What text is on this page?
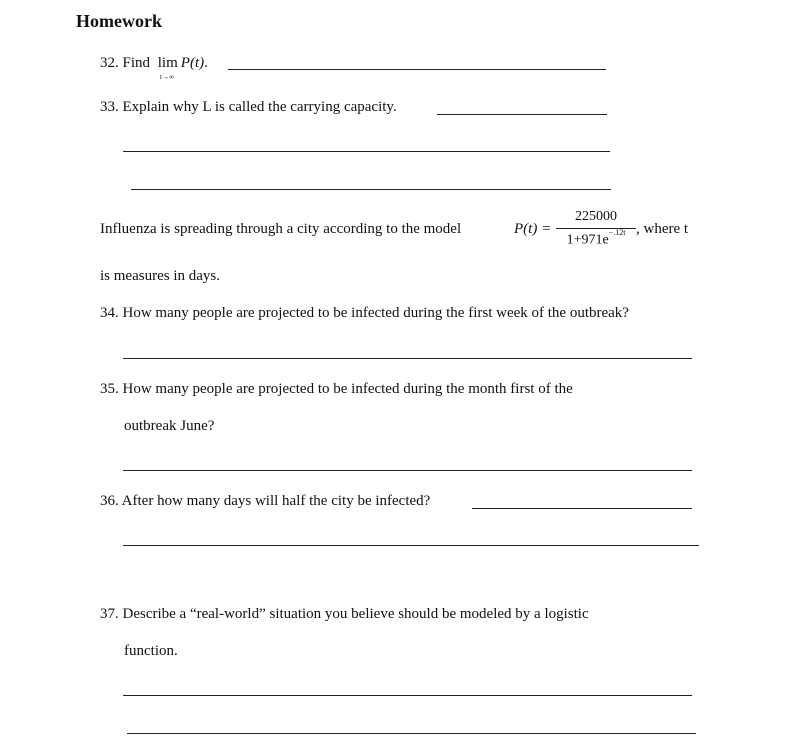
Homework
32. Find lim P(t).
t→∞
33. Explain why L is called the carrying capacity.
Influenza is spreading through a city according to the model	P(t) =
225000
$1+971e^{-.12t}$ , where t
is measures in days.
34. How many people are projected to be infected during the first week of the outbreak?
35. How many people are projected to be infected during the month first of the
outbreak June?
36. After how many days will half the city be infected?
37. Describe a “real-world” situation you believe should be modeled by a logistic
function.
